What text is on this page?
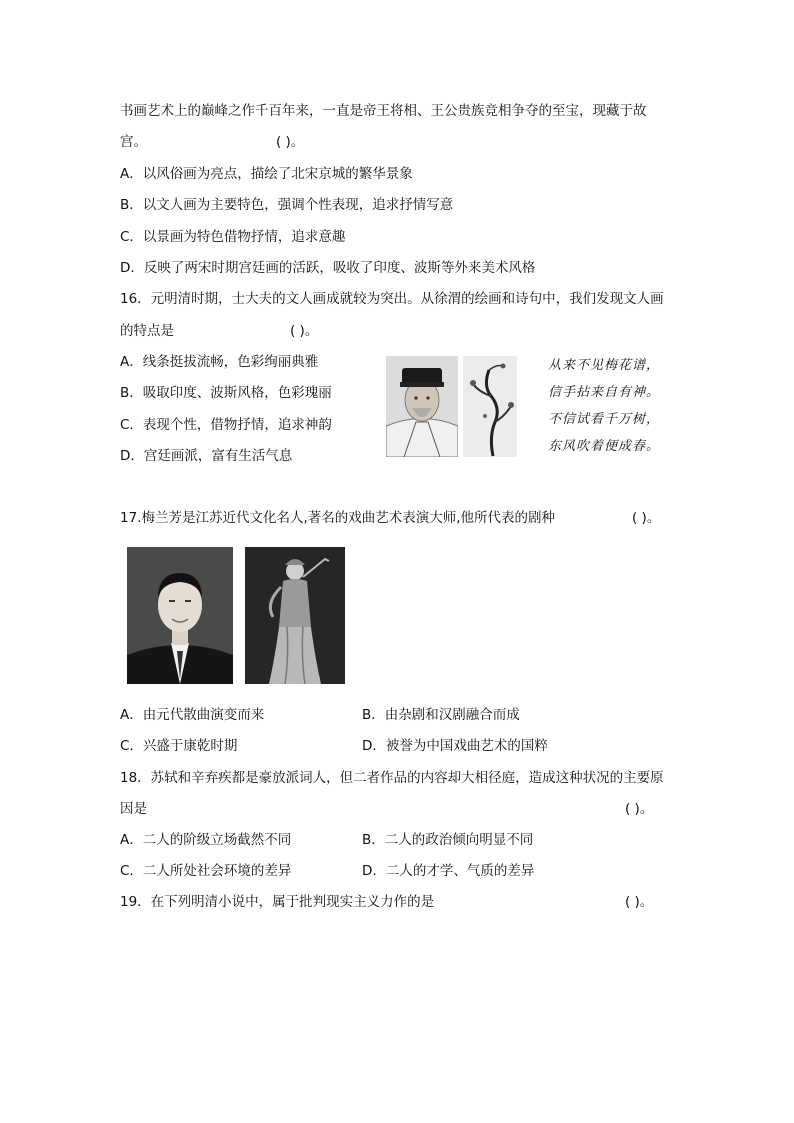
书画艺术上的巅峰之作千百年来，一直是帝王将相、王公贵族竞相争夺的至宝，现藏于故
宫。	( )。
A．以风俗画为亮点，描绘了北宋京城的繁华景象
B．以文人画为主要特色，强调个性表现，追求抒情写意
C．以景画为特色借物抒情，追求意趣
D．反映了两宋时期宫廷画的活跃，吸收了印度、波斯等外来美术风格
16．元明清时期，士大夫的文人画成就较为突出。从徐渭的绘画和诗句中，我们发现文人画
的特点是	( )。
A．线条挺拔流畅，色彩绚丽典雅
B．吸取印度、波斯风格，色彩瑰丽
C．表现个性，借物抒情，追求神韵
D．宫廷画派，富有生活气息
从来不见梅花谱，
信手拈来自有神。
不信试看千万树，
东风吹着便成春。
17.梅兰芳是江苏近代文化名人,著名的戏曲艺术表演大师,他所代表的剧种	( )。
A．由元代散曲演变而来	B．由杂剧和汉剧融合而成
C．兴盛于康乾时期	D．被誉为中国戏曲艺术的国粹
18．苏轼和辛弃疾都是豪放派词人，但二者作品的内容却大相径庭，造成这种状况的主要原
因是	( )。
A．二人的阶级立场截然不同	B．二人的政治倾向明显不同
C．二人所处社会环境的差异	D．二人的才学、气质的差异
19．在下列明清小说中，属于批判现实主义力作的是	( )。
